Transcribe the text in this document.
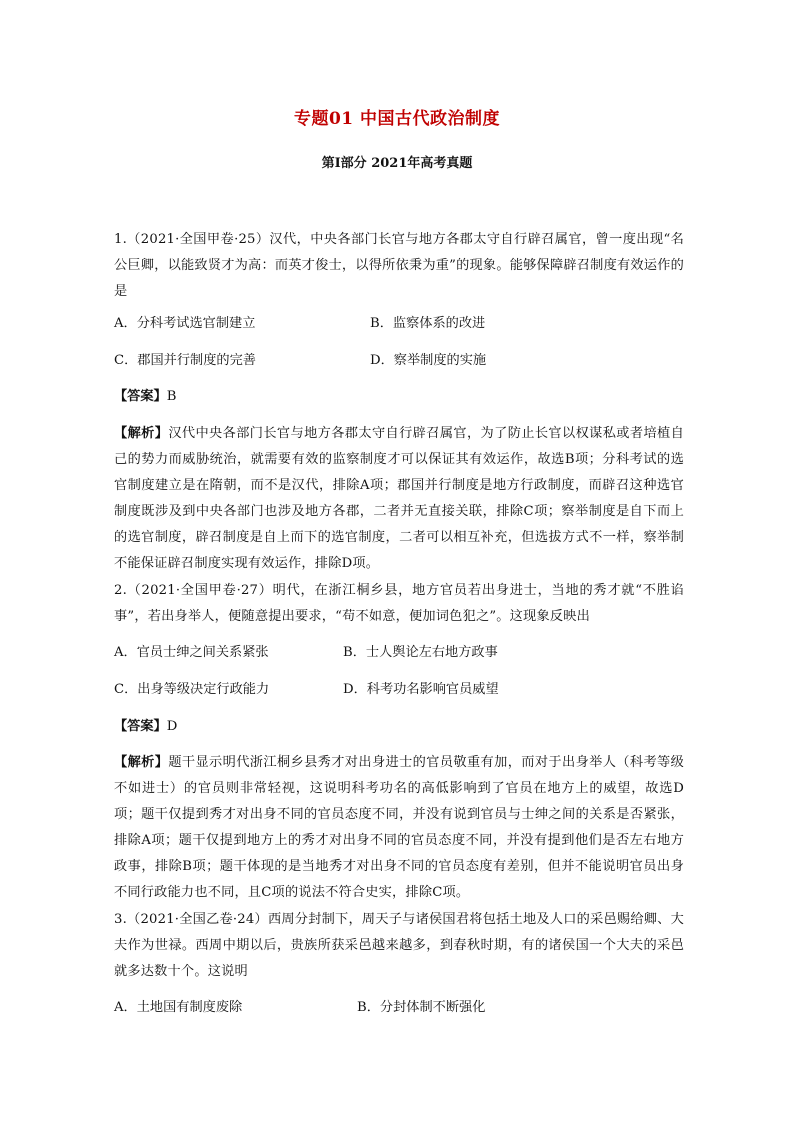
专题01 中国古代政治制度
第Ⅰ部分 2021年高考真题
1.（2021·全国甲卷·25）汉代，中央各部门长官与地方各郡太守自行辟召属官，曾一度出现“名公巨卿，以能致贤才为高：而英才俊士，以得所依秉为重”的现象。能够保障辟召制度有效运作的是
A．分科考试选官制建立	B．监察体系的改进
C．郡国并行制度的完善	D．察举制度的实施
【答案】B
【解析】汉代中央各部门长官与地方各郡太守自行辟召属官，为了防止长官以权谋私或者培植自己的势力而威胁统治，就需要有效的监察制度才可以保证其有效运作，故选B项；分科考试的选官制度建立是在隋朝，而不是汉代，排除A项；郡国并行制度是地方行政制度，而辟召这种选官制度既涉及到中央各部门也涉及地方各郡，二者并无直接关联，排除C项；察举制度是自下而上的选官制度，辟召制度是自上而下的选官制度，二者可以相互补充，但选拔方式不一样，察举制不能保证辟召制度实现有效运作，排除D项。
2.（2021·全国甲卷·27）明代，在浙江桐乡县，地方官员若出身进士，当地的秀才就“不胜谄事”，若出身举人，便随意提出要求，“苟不如意，便加词色犯之”。这现象反映出
A．官员士绅之间关系紧张	B．士人舆论左右地方政事
C．出身等级决定行政能力	D．科考功名影响官员威望
【答案】D
【解析】题干显示明代浙江桐乡县秀才对出身进士的官员敬重有加，而对于出身举人（科考等级不如进士）的官员则非常轻视，这说明科考功名的高低影响到了官员在地方上的威望，故选D项；题干仅提到秀才对出身不同的官员态度不同，并没有说到官员与士绅之间的关系是否紧张，排除A项；题干仅提到地方上的秀才对出身不同的官员态度不同，并没有提到他们是否左右地方政事，排除B项；题干体现的是当地秀才对出身不同的官员态度有差别，但并不能说明官员出身不同行政能力也不同，且C项的说法不符合史实，排除C项。
3.（2021·全国乙卷·24）西周分封制下，周天子与诸侯国君将包括土地及人口的采邑赐给卿、大夫作为世禄。西周中期以后，贵族所获采邑越来越多，到春秋时期，有的诸侯国一个大夫的采邑就多达数十个。这说明
A．土地国有制度废除	B．分封体制不断强化
